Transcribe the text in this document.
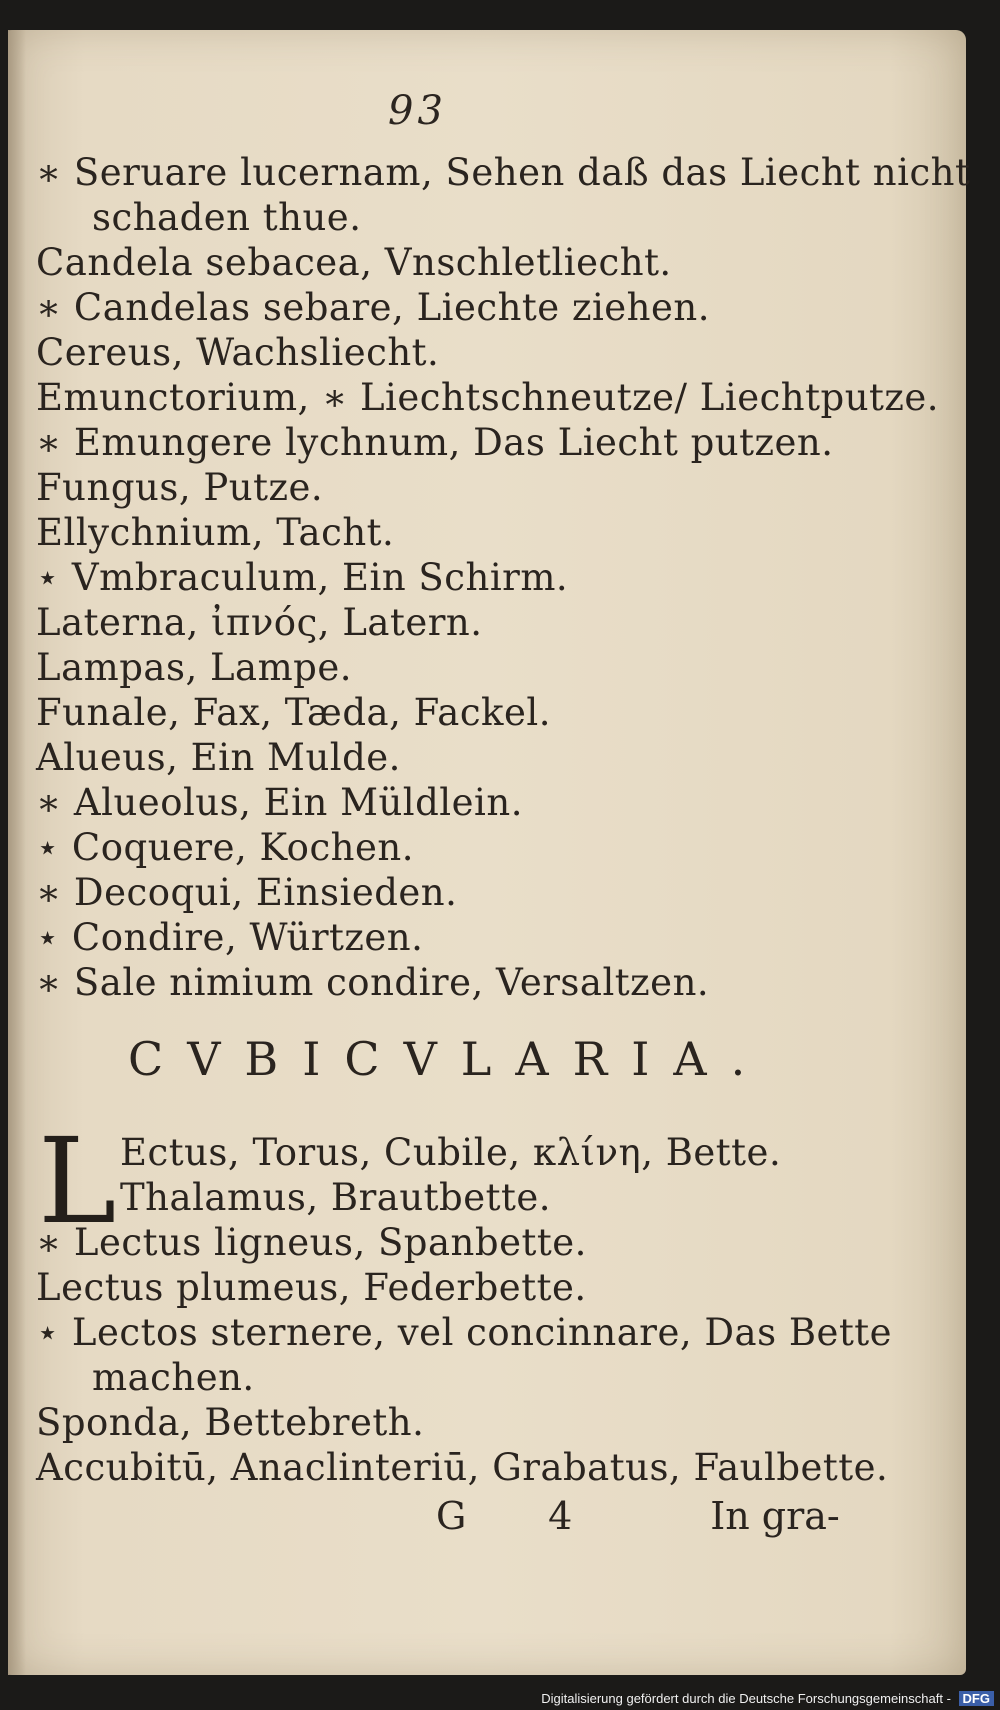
93
∗ Seruare lucernam, Sehen daß das Liecht nicht
schaden thue.
Candela sebacea, Vnschletliecht.
∗ Candelas sebare, Liechte ziehen.
Cereus, Wachsliecht.
Emunctorium, ∗ Liechtschneutze/ Liechtputze.
∗ Emungere lychnum, Das Liecht putzen.
Fungus, Putze.
Ellychnium, Tacht.
⋆ Vmbraculum, Ein Schirm.
Laterna, ἰπνός, Latern.
Lampas, Lampe.
Funale, Fax, Tæda, Fackel.
Alueus, Ein Mulde.
∗ Alueolus, Ein Müldlein.
⋆ Coquere, Kochen.
∗ Decoqui, Einsieden.
⋆ Condire, Würtzen.
∗ Sale nimium condire, Versaltzen.
CVBICVLARIA.
L Ectus, Torus, Cubile, κλίνη, Bette.
Thalamus, Brautbette.
∗ Lectus ligneus, Spanbette.
Lectus plumeus, Federbette.
⋆ Lectos sternere, vel concinnare, Das Bette
machen.
Sponda, Bettebreth.
Accubitū, Anaclinteriū, Grabatus, Faulbette.
G 4	In gra-
Digitalisierung gefördert durch die Deutsche Forschungsgemeinschaft - DFG
